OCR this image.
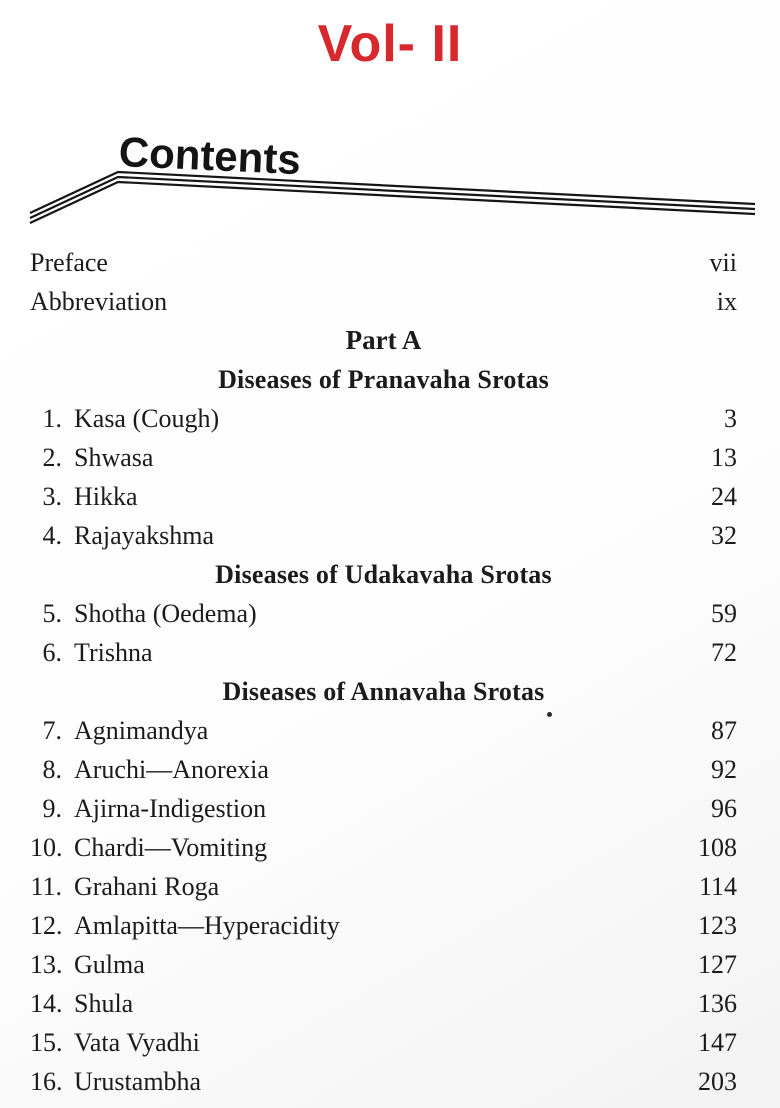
Vol- II
Contents
Preface	vii
Abbreviation	ix
Part A
Diseases of Pranavaha Srotas
1. Kasa (Cough)	3
2. Shwasa	13
3. Hikka	24
4. Rajayakshma	32
Diseases of Udakavaha Srotas
5. Shotha (Oedema)	59
6. Trishna	72
Diseases of Annavaha Srotas
7. Agnimandya	87
8. Aruchi—Anorexia	92
9. Ajirna-Indigestion	96
10. Chardi—Vomiting	108
11. Grahani Roga	114
12. Amlapitta—Hyperacidity	123
13. Gulma	127
14. Shula	136
15. Vata Vyadhi	147
16. Urustambha	203
